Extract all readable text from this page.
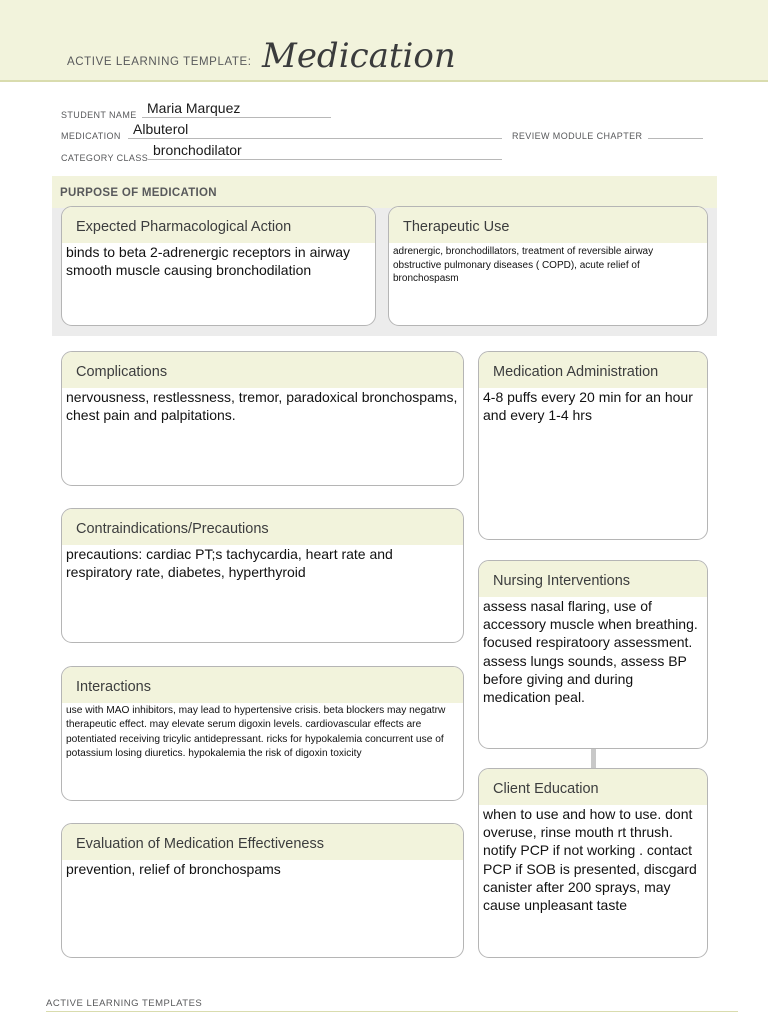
ACTIVE LEARNING TEMPLATE: Medication
STUDENT NAME Maria Marquez
MEDICATION Albuterol	REVIEW MODULE CHAPTER
CATEGORY CLASS bronchodilator
PURPOSE OF MEDICATION
Expected Pharmacological Action
binds to beta 2-adrenergic receptors in airway smooth muscle causing bronchodilation
Therapeutic Use
adrenergic, bronchodillators, treatment of reversible airway obstructive pulmonary diseases ( COPD), acute relief of bronchospasm
Complications
nervousness, restlessness, tremor, paradoxical bronchospams, chest pain and palpitations.
Contraindications/Precautions
precautions: cardiac PT;s tachycardia, heart rate and respiratory rate, diabetes, hyperthyroid
Interactions
use with MAO inhibitors, may lead to hypertensive crisis. beta blockers may negatrw therapeutic effect. may elevate serum digoxin levels. cardiovascular effects are potentiated receiving tricylic antidepressant. ricks for hypokalemia concurrent use of potassium losing diuretics. hypokalemia the risk of digoxin toxicity
Evaluation of Medication Effectiveness
prevention, relief of bronchospams
Medication Administration
4-8 puffs every 20 min for an hour and every 1-4 hrs
Nursing Interventions
assess nasal flaring, use of accessory muscle when breathing. focused respiratoory assessment. assess lungs sounds, assess BP before giving and during medication peal.
Client Education
when to use and how to use. dont overuse, rinse mouth rt thrush. notify PCP if not working . contact PCP if SOB is presented, discgard canister after 200 sprays, may cause unpleasant taste
ACTIVE LEARNING TEMPLATES
